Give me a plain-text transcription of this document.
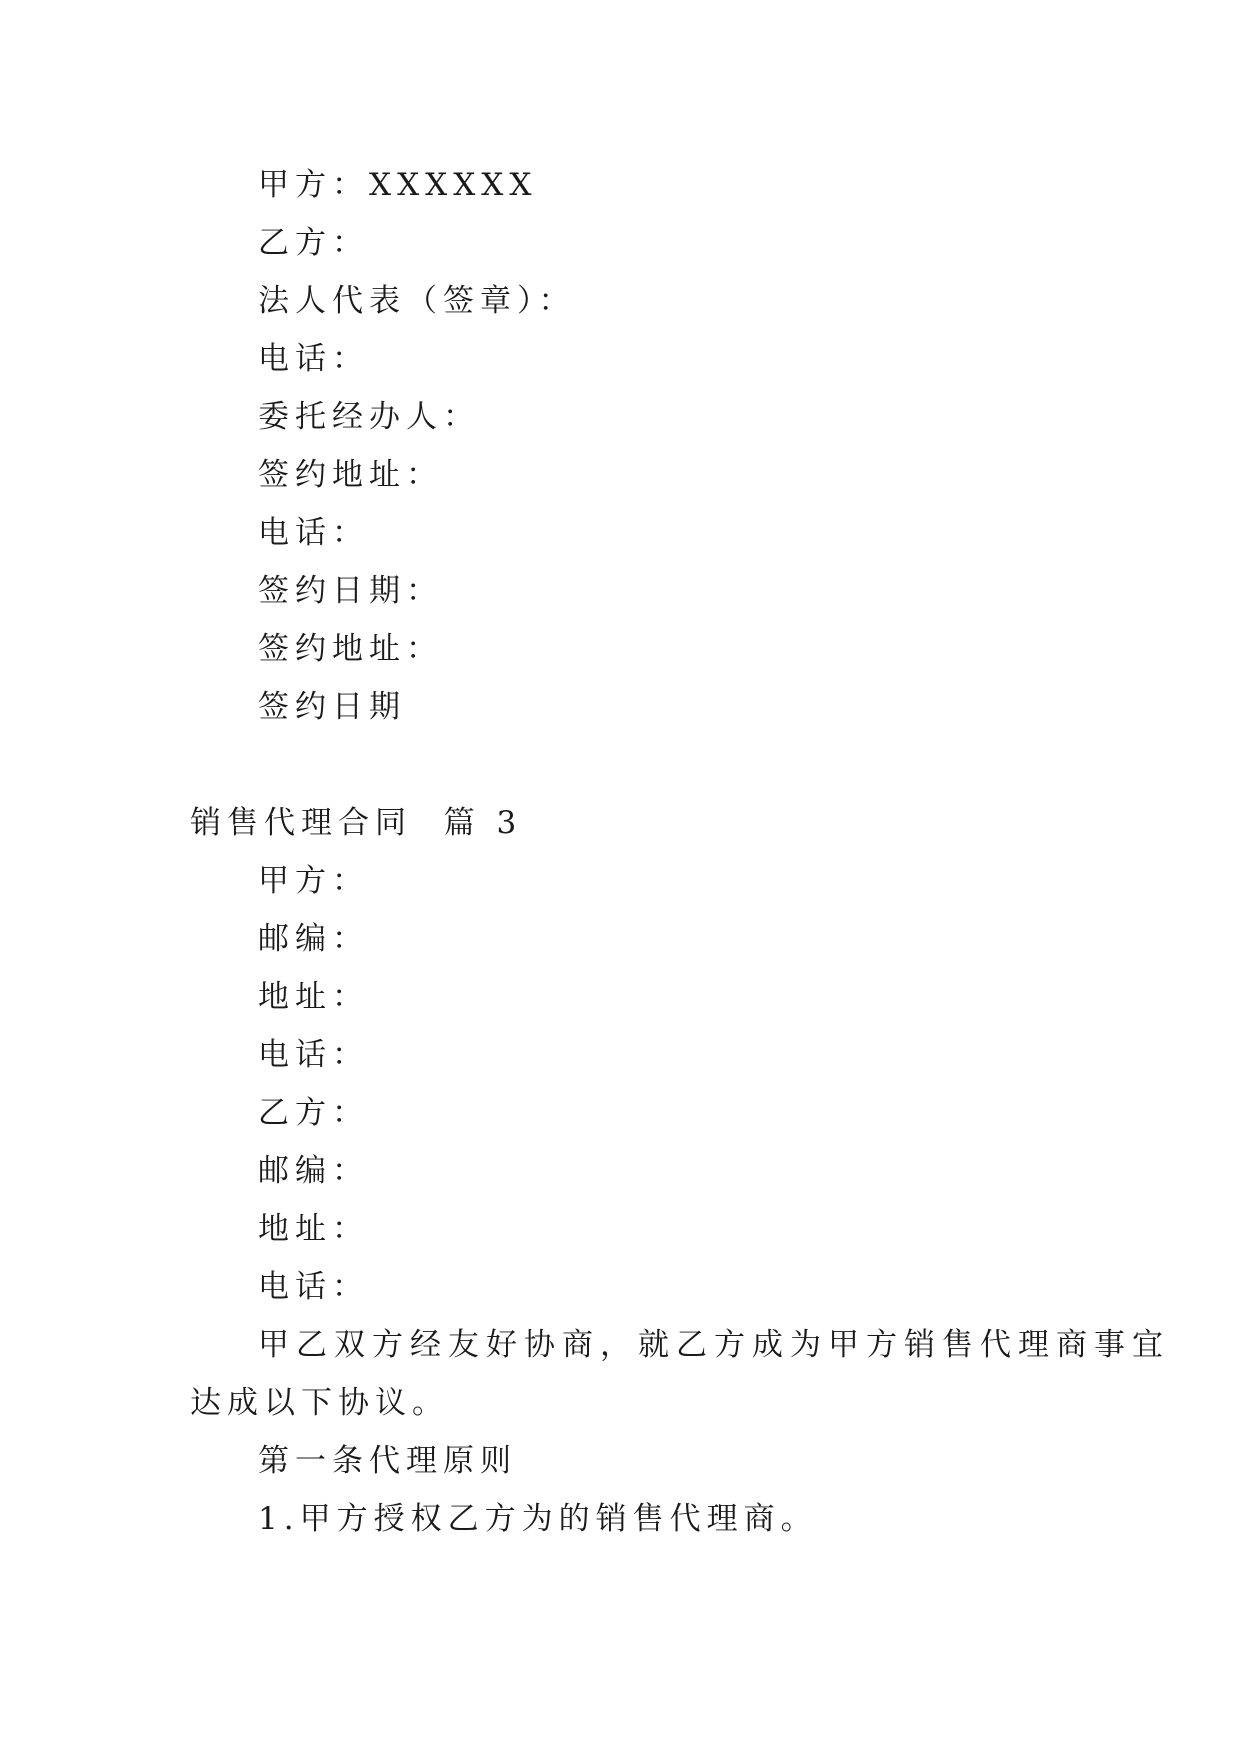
甲方：XXXXXX
乙方：
法人代表（签章）：
电话：
委托经办人：
签约地址：
电话：
签约日期：
签约地址：
签约日期
销售代理合同  篇 3
甲方：
邮编：
地址：
电话：
乙方：
邮编：
地址：
电话：
甲乙双方经友好协商，就乙方成为甲方销售代理商事宜
达成以下协议。
第一条代理原则
1.甲方授权乙方为的销售代理商。
